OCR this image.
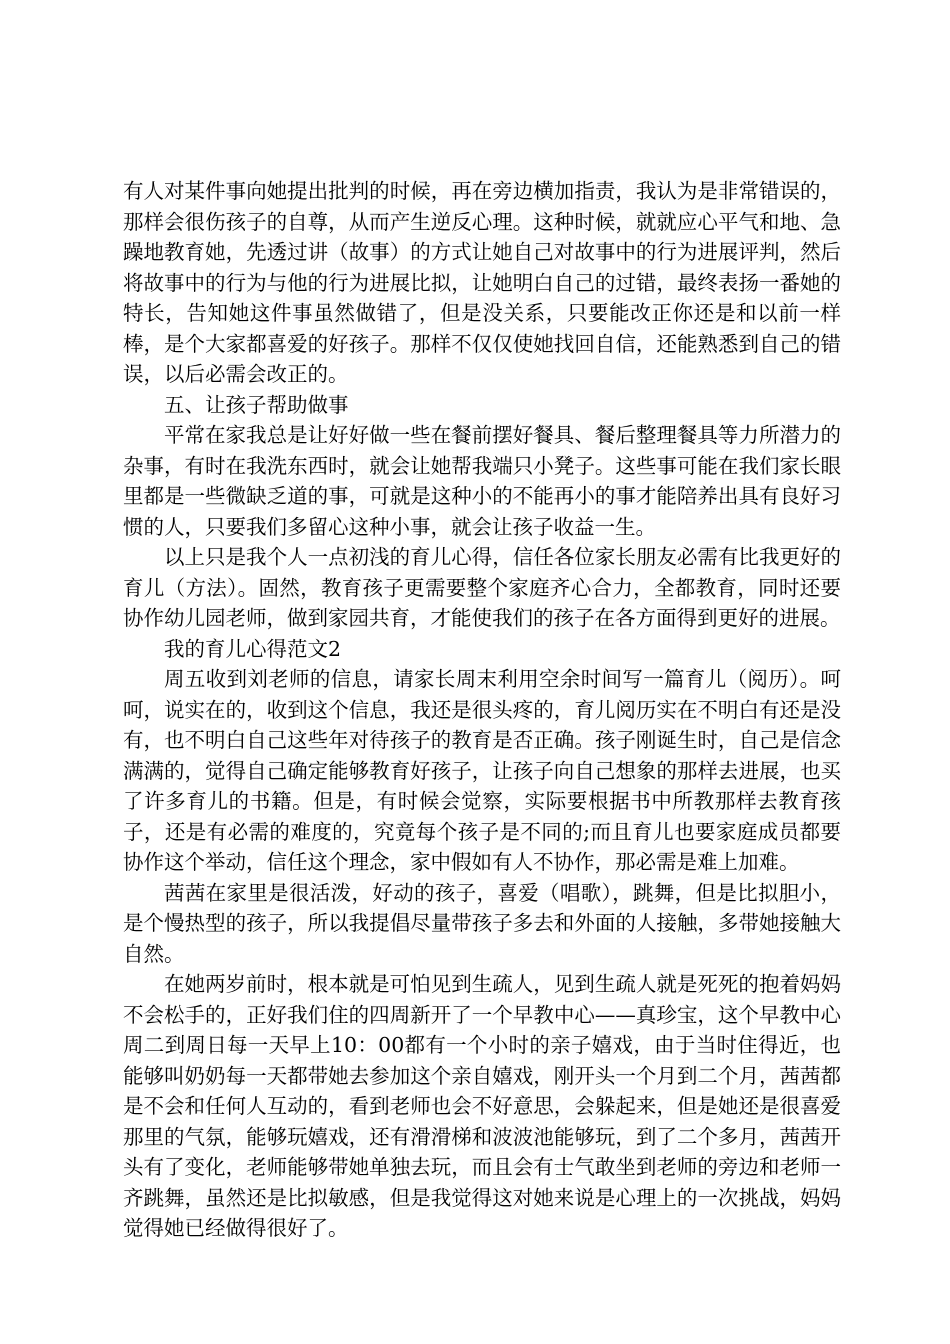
有人对某件事向她提出批判的时候，再在旁边横加指责，我认为是非常错误的，那样会很伤孩子的自尊，从而产生逆反心理。这种时候，就就应心平气和地、急躁地教育她，先透过讲（故事）的方式让她自己对故事中的行为进展评判，然后将故事中的行为与他的行为进展比拟，让她明白自己的过错，最终表扬一番她的特长，告知她这件事虽然做错了，但是没关系，只要能改正你还是和以前一样棒，是个大家都喜爱的好孩子。那样不仅仅使她找回自信，还能熟悉到自己的错误，以后必需会改正的。

五、让孩子帮助做事

平常在家我总是让好好做一些在餐前摆好餐具、餐后整理餐具等力所潜力的杂事，有时在我洗东西时，就会让她帮我端只小凳子。这些事可能在我们家长眼里都是一些微缺乏道的事，可就是这种小的不能再小的事才能陪养出具有良好习惯的人，只要我们多留心这种小事，就会让孩子收益一生。

以上只是我个人一点初浅的育儿心得，信任各位家长朋友必需有比我更好的育儿（方法）。固然，教育孩子更需要整个家庭齐心合力，全都教育，同时还要协作幼儿园老师，做到家园共育，才能使我们的孩子在各方面得到更好的进展。

我的育儿心得范文2

周五收到刘老师的信息，请家长周末利用空余时间写一篇育儿（阅历）。呵呵，说实在的，收到这个信息，我还是很头疼的，育儿阅历实在不明白有还是没有，也不明白自己这些年对待孩子的教育是否正确。孩子刚诞生时，自己是信念满满的，觉得自己确定能够教育好孩子，让孩子向自己想象的那样去进展，也买了许多育儿的书籍。但是，有时候会觉察，实际要根据书中所教那样去教育孩子，还是有必需的难度的，究竟每个孩子是不同的;而且育儿也要家庭成员都要协作这个举动，信任这个理念，家中假如有人不协作，那必需是难上加难。

茜茜在家里是很活泼，好动的孩子，喜爱（唱歌），跳舞，但是比拟胆小，是个慢热型的孩子，所以我提倡尽量带孩子多去和外面的人接触，多带她接触大自然。

在她两岁前时，根本就是可怕见到生疏人，见到生疏人就是死死的抱着妈妈不会松手的，正好我们住的四周新开了一个早教中心——真珍宝，这个早教中心周二到周日每一天早上10：00都有一个小时的亲子嬉戏，由于当时住得近，也能够叫奶奶每一天都带她去参加这个亲自嬉戏，刚开头一个月到二个月，茜茜都是不会和任何人互动的，看到老师也会不好意思，会躲起来，但是她还是很喜爱那里的气氛，能够玩嬉戏，还有滑滑梯和波波池能够玩，到了二个多月，茜茜开头有了变化，老师能够带她单独去玩，而且会有士气敢坐到老师的旁边和老师一齐跳舞，虽然还是比拟敏感，但是我觉得这对她来说是心理上的一次挑战，妈妈觉得她已经做得很好了。
